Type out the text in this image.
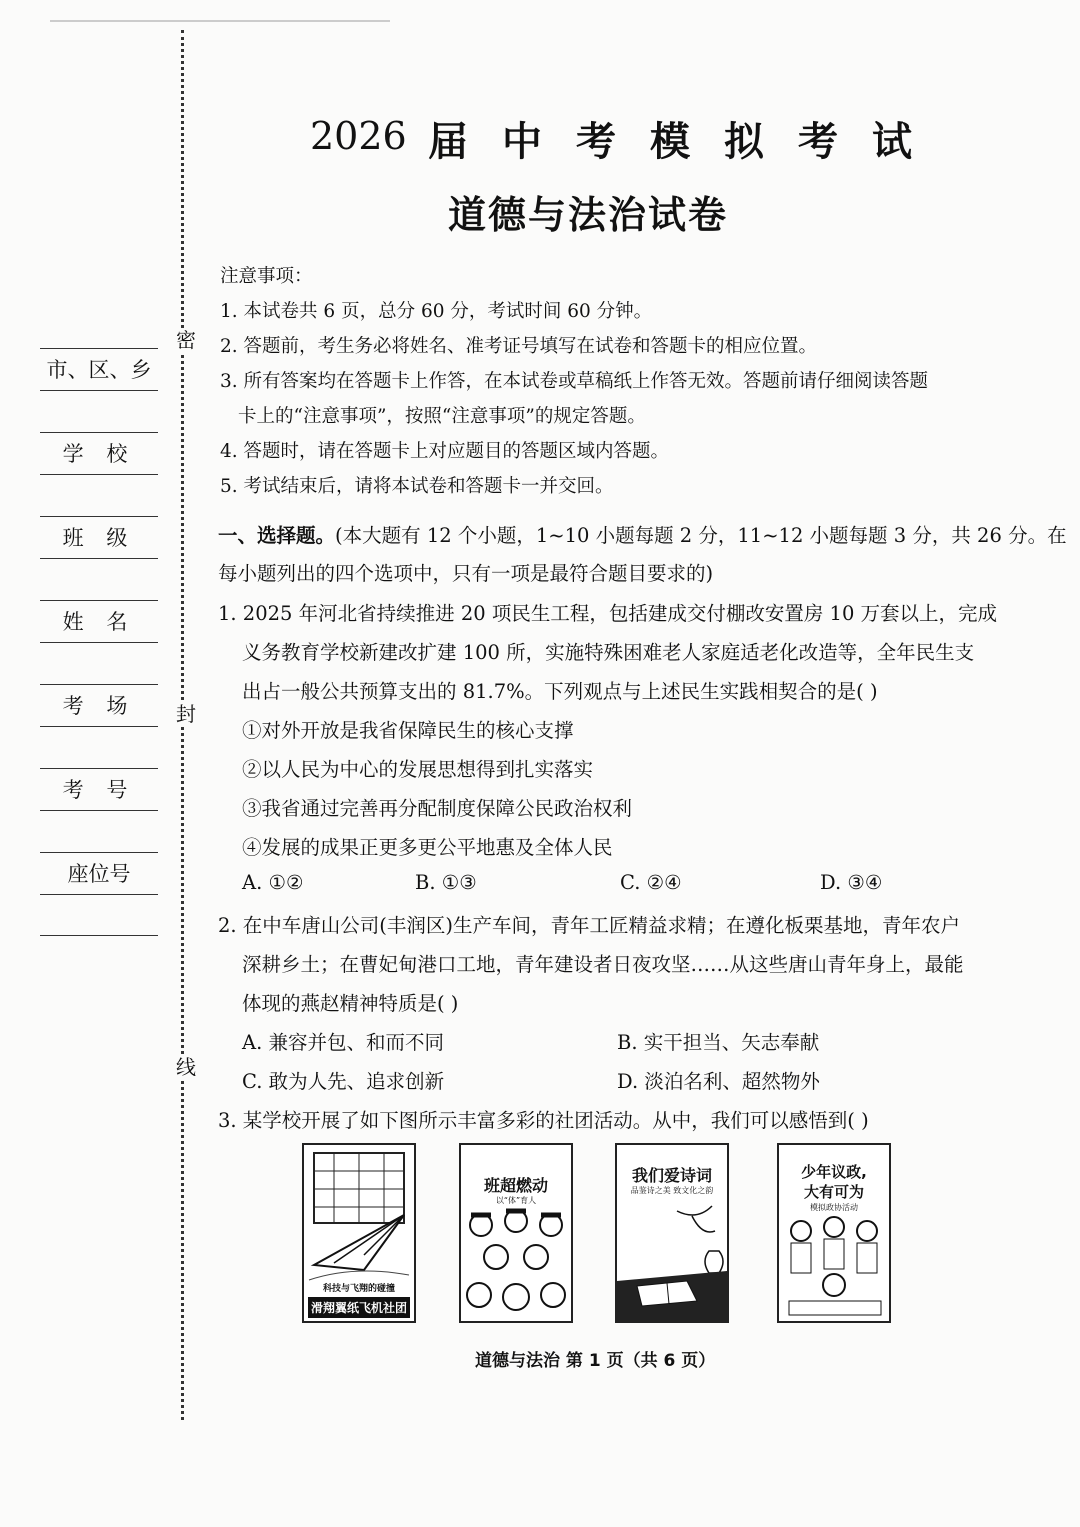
密
封
线
市、区、乡
学 校
班 级
姓 名
考 场
考 号
座位号
2026 届中考模拟考试
道德与法治试卷
注意事项：
1. 本试卷共 6 页，总分 60 分，考试时间 60 分钟。
2. 答题前，考生务必将姓名、准考证号填写在试卷和答题卡的相应位置。
3. 所有答案均在答题卡上作答，在本试卷或草稿纸上作答无效。答题前请仔细阅读答题
卡上的“注意事项”，按照“注意事项”的规定答题。
4. 答题时，请在答题卡上对应题目的答题区域内答题。
5. 考试结束后，请将本试卷和答题卡一并交回。
一、选择题。(本大题有 12 个小题，1~10 小题每题 2 分，11~12 小题每题 3 分，共 26 分。在
每小题列出的四个选项中，只有一项是最符合题目要求的)
1. 2025 年河北省持续推进 20 项民生工程，包括建成交付棚改安置房 10 万套以上，完成
义务教育学校新建改扩建 100 所，实施特殊困难老人家庭适老化改造等，全年民生支
出占一般公共预算支出的 81.7%。下列观点与上述民生实践相契合的是( )
①对外开放是我省保障民生的核心支撑
②以人民为中心的发展思想得到扎实落实
③我省通过完善再分配制度保障公民政治权利
④发展的成果正更多更公平地惠及全体人民
A. ①②	B. ①③	C. ②④	D. ③④
2. 在中车唐山公司(丰润区)生产车间，青年工匠精益求精；在遵化板栗基地，青年农户
深耕乡土；在曹妃甸港口工地，青年建设者日夜攻坚……从这些唐山青年身上，最能
体现的燕赵精神特质是( )
A. 兼容并包、和而不同	B. 实干担当、矢志奉献
C. 敢为人先、追求创新	D. 淡泊名利、超然物外
3. 某学校开展了如下图所示丰富多彩的社团活动。从中，我们可以感悟到( )
科技与飞翔的碰撞
滑翔翼纸飞机社团
班超燃动
以“体”育人
我们爱诗词
品鉴诗之美 致文化之韵
少年议政,
大有可为
模拟政协活动
道德与法治 第 1 页（共 6 页）
